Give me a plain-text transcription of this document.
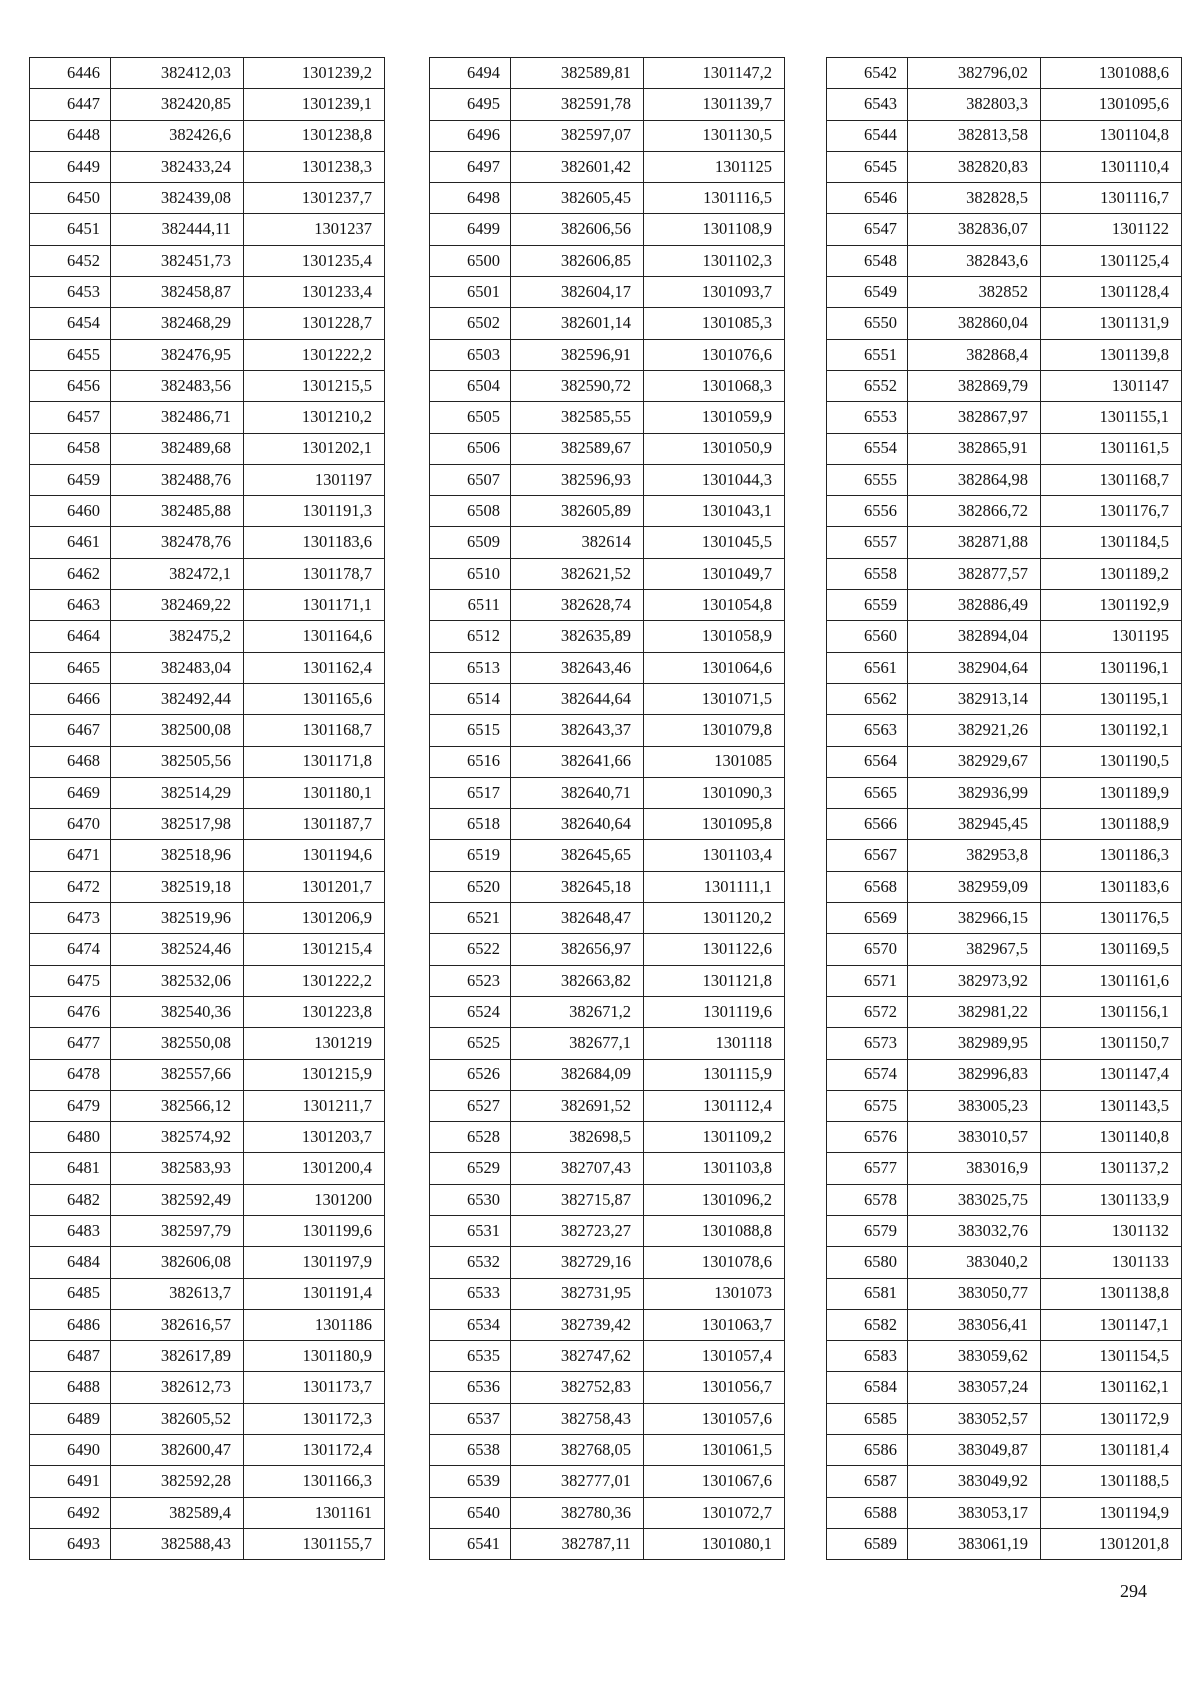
6446	382412,03	1301239,2
6447	382420,85	1301239,1
6448	382426,6	1301238,8
6449	382433,24	1301238,3
6450	382439,08	1301237,7
6451	382444,11	1301237
6452	382451,73	1301235,4
6453	382458,87	1301233,4
6454	382468,29	1301228,7
6455	382476,95	1301222,2
6456	382483,56	1301215,5
6457	382486,71	1301210,2
6458	382489,68	1301202,1
6459	382488,76	1301197
6460	382485,88	1301191,3
6461	382478,76	1301183,6
6462	382472,1	1301178,7
6463	382469,22	1301171,1
6464	382475,2	1301164,6
6465	382483,04	1301162,4
6466	382492,44	1301165,6
6467	382500,08	1301168,7
6468	382505,56	1301171,8
6469	382514,29	1301180,1
6470	382517,98	1301187,7
6471	382518,96	1301194,6
6472	382519,18	1301201,7
6473	382519,96	1301206,9
6474	382524,46	1301215,4
6475	382532,06	1301222,2
6476	382540,36	1301223,8
6477	382550,08	1301219
6478	382557,66	1301215,9
6479	382566,12	1301211,7
6480	382574,92	1301203,7
6481	382583,93	1301200,4
6482	382592,49	1301200
6483	382597,79	1301199,6
6484	382606,08	1301197,9
6485	382613,7	1301191,4
6486	382616,57	1301186
6487	382617,89	1301180,9
6488	382612,73	1301173,7
6489	382605,52	1301172,3
6490	382600,47	1301172,4
6491	382592,28	1301166,3
6492	382589,4	1301161
6493	382588,43	1301155,7
6494	382589,81	1301147,2
6495	382591,78	1301139,7
6496	382597,07	1301130,5
6497	382601,42	1301125
6498	382605,45	1301116,5
6499	382606,56	1301108,9
6500	382606,85	1301102,3
6501	382604,17	1301093,7
6502	382601,14	1301085,3
6503	382596,91	1301076,6
6504	382590,72	1301068,3
6505	382585,55	1301059,9
6506	382589,67	1301050,9
6507	382596,93	1301044,3
6508	382605,89	1301043,1
6509	382614	1301045,5
6510	382621,52	1301049,7
6511	382628,74	1301054,8
6512	382635,89	1301058,9
6513	382643,46	1301064,6
6514	382644,64	1301071,5
6515	382643,37	1301079,8
6516	382641,66	1301085
6517	382640,71	1301090,3
6518	382640,64	1301095,8
6519	382645,65	1301103,4
6520	382645,18	1301111,1
6521	382648,47	1301120,2
6522	382656,97	1301122,6
6523	382663,82	1301121,8
6524	382671,2	1301119,6
6525	382677,1	1301118
6526	382684,09	1301115,9
6527	382691,52	1301112,4
6528	382698,5	1301109,2
6529	382707,43	1301103,8
6530	382715,87	1301096,2
6531	382723,27	1301088,8
6532	382729,16	1301078,6
6533	382731,95	1301073
6534	382739,42	1301063,7
6535	382747,62	1301057,4
6536	382752,83	1301056,7
6537	382758,43	1301057,6
6538	382768,05	1301061,5
6539	382777,01	1301067,6
6540	382780,36	1301072,7
6541	382787,11	1301080,1
6542	382796,02	1301088,6
6543	382803,3	1301095,6
6544	382813,58	1301104,8
6545	382820,83	1301110,4
6546	382828,5	1301116,7
6547	382836,07	1301122
6548	382843,6	1301125,4
6549	382852	1301128,4
6550	382860,04	1301131,9
6551	382868,4	1301139,8
6552	382869,79	1301147
6553	382867,97	1301155,1
6554	382865,91	1301161,5
6555	382864,98	1301168,7
6556	382866,72	1301176,7
6557	382871,88	1301184,5
6558	382877,57	1301189,2
6559	382886,49	1301192,9
6560	382894,04	1301195
6561	382904,64	1301196,1
6562	382913,14	1301195,1
6563	382921,26	1301192,1
6564	382929,67	1301190,5
6565	382936,99	1301189,9
6566	382945,45	1301188,9
6567	382953,8	1301186,3
6568	382959,09	1301183,6
6569	382966,15	1301176,5
6570	382967,5	1301169,5
6571	382973,92	1301161,6
6572	382981,22	1301156,1
6573	382989,95	1301150,7
6574	382996,83	1301147,4
6575	383005,23	1301143,5
6576	383010,57	1301140,8
6577	383016,9	1301137,2
6578	383025,75	1301133,9
6579	383032,76	1301132
6580	383040,2	1301133
6581	383050,77	1301138,8
6582	383056,41	1301147,1
6583	383059,62	1301154,5
6584	383057,24	1301162,1
6585	383052,57	1301172,9
6586	383049,87	1301181,4
6587	383049,92	1301188,5
6588	383053,17	1301194,9
6589	383061,19	1301201,8
294
